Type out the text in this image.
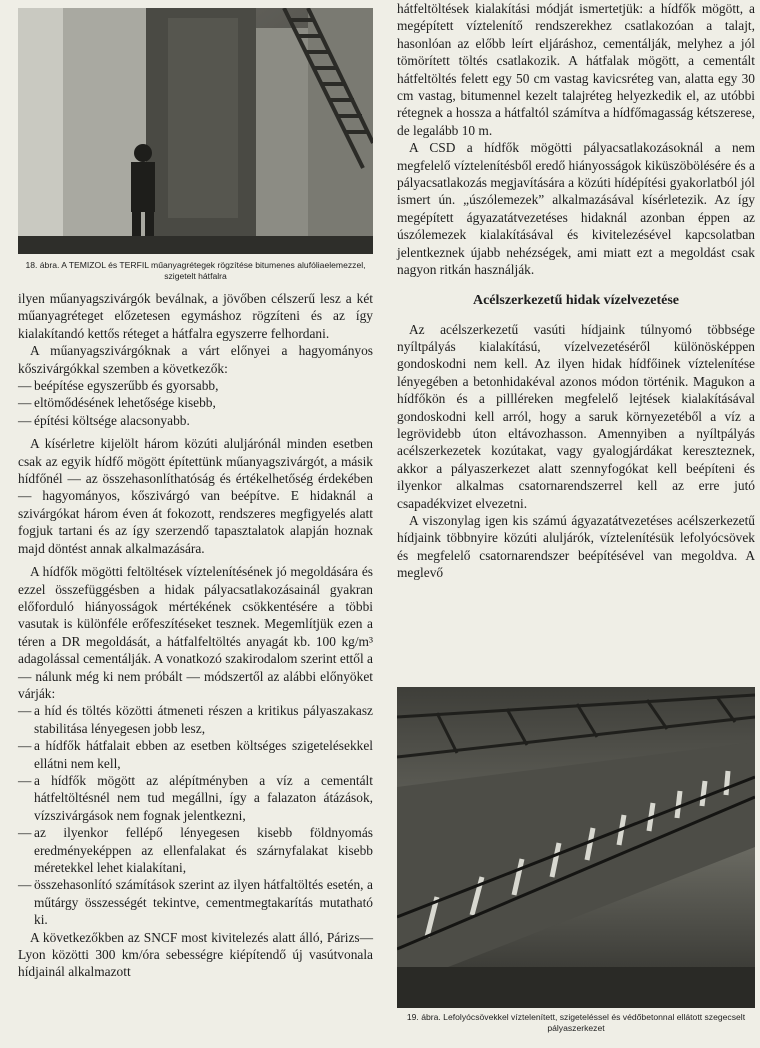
18. ábra. A TEMIZOL és TERFIL műanyagrétegek rögzítése bitumenes alufóliaelemezzel, szigetelt hátfalra

ilyen műanyagszivárgók beválnak, a jövőben célszerű lesz a két műanyagréteget előzetesen egymáshoz rögzíteni és az így kialakítandó kettős réteget a hátfalra egyszerre felhordani.

A műanyagszivárgóknak a várt előnyei a hagyományos kőszivárgókkal szemben a következők:

— beépítése egyszerűbb és gyorsabb,
— eltömődésének lehetősége kisebb,
— építési költsége alacsonyabb.

A kísérletre kijelölt három közúti aluljárónál minden esetben csak az egyik hídfő mögött építettünk műanyagszivárgót, a másik hídfőnél — az összehasonlíthatóság és értékelhetőség érdekében — hagyományos, kőszivárgó van beépítve. E hidaknál a szivárgókat három éven át fokozott, rendszeres megfigyelés alatt fogjuk tartani és az így szerzendő tapasztalatok alapján hoznak majd döntést annak alkalmazására.

A hídfők mögötti feltöltések víztelenítésének jó megoldására és ezzel összefüggésben a hidak pályacsatlakozásainál gyakran előforduló hiányosságok mértékének csökkentésére a többi vasutak is különféle erőfeszítéseket tesznek. Megemlítjük ezen a téren a DR megoldását, a hátfalfeltöltés anyagát kb. 100 kg/m³ adagolással cementálják. A vonatkozó szakirodalom szerint ettől a — nálunk még ki nem próbált — módszertől az alábbi előnyöket várják:

— a híd és töltés közötti átmeneti részen a kritikus pályaszakasz stabilitása lényegesen jobb lesz,
— a hídfők hátfalait ebben az esetben költséges szigetelésekkel ellátni nem kell,
— a hídfők mögött az alépítményben a víz a cementált hátfeltöltésnél nem tud megállni, így a falazaton átázások, vízszivárgások nem fognak jelentkezni,
— az ilyenkor fellépő lényegesen kisebb földnyomás eredményeképpen az ellenfalakat és szárnyfalakat kisebb méretekkel lehet kialakítani,
— összehasonlító számítások szerint az ilyen hátfaltöltés esetén, a műtárgy összességét tekintve, cementmegtakarítás mutatható ki.

A következőkben az SNCF most kivitelezés alatt álló, Párizs—Lyon közötti 300 km/óra sebességre kiépítendő új vasútvonala hídjainál alkalmazott

hátfeltöltések kialakítási módját ismertetjük: a hídfők mögött, a megépített víztelenítő rendszerekhez csatlakozóan a talajt, hasonlóan az előbb leírt eljáráshoz, cementálják, melyhez a jól tömörített töltés csatlakozik. A hátfalak mögött, a cementált hátfeltöltés felett egy 50 cm vastag kavicsréteg van, alatta egy 30 cm vastag, bitumennel kezelt talajréteg helyezkedik el, az utóbbi rétegnek a hossza a hátfaltól számítva a hídfőmagasság kétszerese, de legalább 10 m.

A CSD a hídfők mögötti pályacsatlakozásoknál a nem megfelelő víztelenítésből eredő hiányosságok kiküszöbölésére és a pályacsatlakozás megjavítására a közúti hídépítési gyakorlatból jól ismert ún. „úszólemezek” alkalmazásával kísérletezik. Az így megépített ágyazatátvezetéses hidaknál azonban éppen az úszólemezek kialakításával és kivitelezésével kapcsolatban jelentkeznek újabb nehézségek, ami miatt ezt a megoldást csak nagyon ritkán használják.

Acélszerkezetű hidak vízelvezetése

Az acélszerkezetű vasúti hídjaink túlnyomó többsége nyíltpályás kialakítású, vízelvezetéséről különösképpen gondoskodni nem kell. Az ilyen hidak hídfőinek víztelenítése lényegében a betonhidakéval azonos módon történik. Magukon a hídfőkön és a pillléreken megfelelő lejtések kialakításával gondoskodni kell arról, hogy a saruk környezetéből a víz a legrövidebb úton eltávozhasson. Amennyiben a nyíltpályás acélszerkezetek kozútakat, vagy gyalogjárdákat kereszteznek, akkor a pályaszerkezet alatt szennyfogókat kell beépíteni és ilyenkor alkalmas csatornarendszerrel kell az erre jutó csapadékvizet elvezetni.

A viszonylag igen kis számú ágyazatátvezetéses acélszerkezetű hídjaink többnyire közúti aluljárók, víztelenítésük lefolyócsövek és megfelelő csatornarendszer beépítésével van megoldva. A meglevő

19. ábra. Lefolyócsövekkel víztelenített, szigeteléssel és védőbetonnal ellátott szegecselt pályaszerkezet
